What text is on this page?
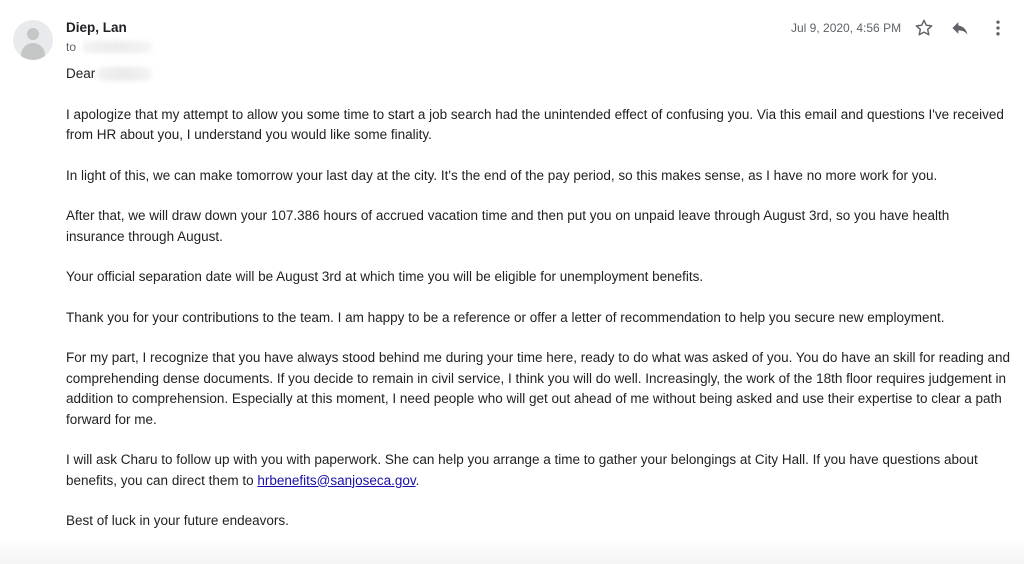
Diep, Lan
to
Jul 9, 2020, 4:56 PM

Dear

I apologize that my attempt to allow you some time to start a job search had the unintended effect of confusing you. Via this email and questions I've received from HR about you, I understand you would like some finality.

In light of this, we can make tomorrow your last day at the city. It's the end of the pay period, so this makes sense, as I have no more work for you.

After that, we will draw down your 107.386 hours of accrued vacation time and then put you on unpaid leave through August 3rd, so you have health insurance through August.

Your official separation date will be August 3rd at which time you will be eligible for unemployment benefits.

Thank you for your contributions to the team. I am happy to be a reference or offer a letter of recommendation to help you secure new employment.

For my part, I recognize that you have always stood behind me during your time here, ready to do what was asked of you. You do have an skill for reading and comprehending dense documents. If you decide to remain in civil service, I think you will do well. Increasingly, the work of the 18th floor requires judgement in addition to comprehension. Especially at this moment, I need people who will get out ahead of me without being asked and use their expertise to clear a path forward for me.

I will ask Charu to follow up with you with paperwork. She can help you arrange a time to gather your belongings at City Hall. If you have questions about benefits, you can direct them to hrbenefits@sanjoseca.gov.

Best of luck in your future endeavors.
